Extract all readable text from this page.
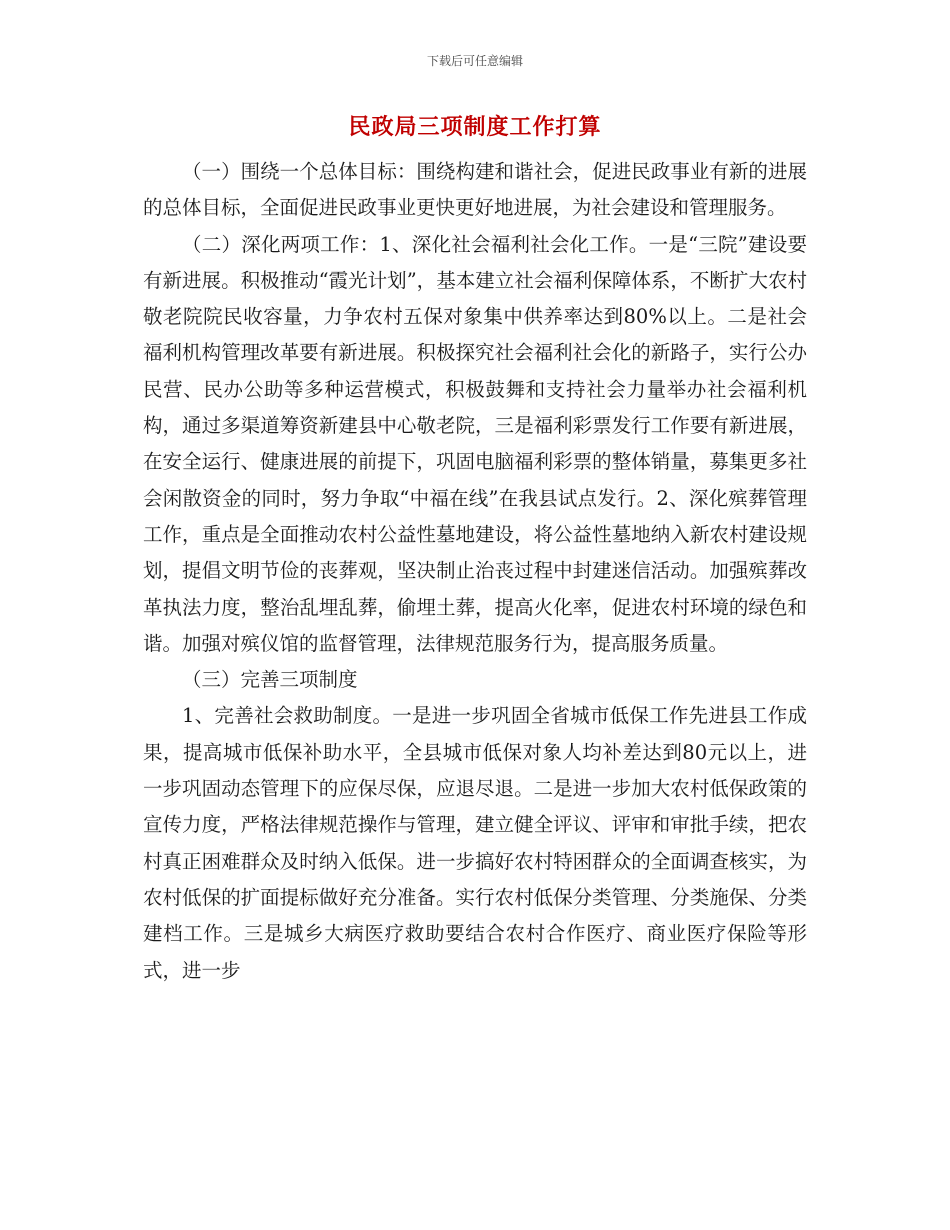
下载后可任意编辑
民政局三项制度工作打算

（一）围绕一个总体目标：围绕构建和谐社会，促进民政事业有新的进展的总体目标，全面促进民政事业更快更好地进展，为社会建设和管理服务。

（二）深化两项工作：1、深化社会福利社会化工作。一是“三院”建设要有新进展。积极推动“霞光计划”，基本建立社会福利保障体系，不断扩大农村敬老院院民收容量，力争农村五保对象集中供养率达到80%以上。二是社会福利机构管理改革要有新进展。积极探究社会福利社会化的新路子，实行公办民营、民办公助等多种运营模式，积极鼓舞和支持社会力量举办社会福利机构，通过多渠道筹资新建县中心敬老院，三是福利彩票发行工作要有新进展，在安全运行、健康进展的前提下，巩固电脑福利彩票的整体销量，募集更多社会闲散资金的同时，努力争取“中福在线”在我县试点发行。2、深化殡葬管理工作，重点是全面推动农村公益性墓地建设，将公益性墓地纳入新农村建设规划，提倡文明节俭的丧葬观，坚决制止治丧过程中封建迷信活动。加强殡葬改革执法力度，整治乱埋乱葬，偷埋土葬，提高火化率，促进农村环境的绿色和谐。加强对殡仪馆的监督管理，法律规范服务行为，提高服务质量。

（三）完善三项制度

1、完善社会救助制度。一是进一步巩固全省城市低保工作先进县工作成果，提高城市低保补助水平，全县城市低保对象人均补差达到80元以上，进一步巩固动态管理下的应保尽保，应退尽退。二是进一步加大农村低保政策的宣传力度，严格法律规范操作与管理，建立健全评议、评审和审批手续，把农村真正困难群众及时纳入低保。进一步搞好农村特困群众的全面调查核实，为农村低保的扩面提标做好充分准备。实行农村低保分类管理、分类施保、分类建档工作。三是城乡大病医疗救助要结合农村合作医疗、商业医疗保险等形式，进一步
